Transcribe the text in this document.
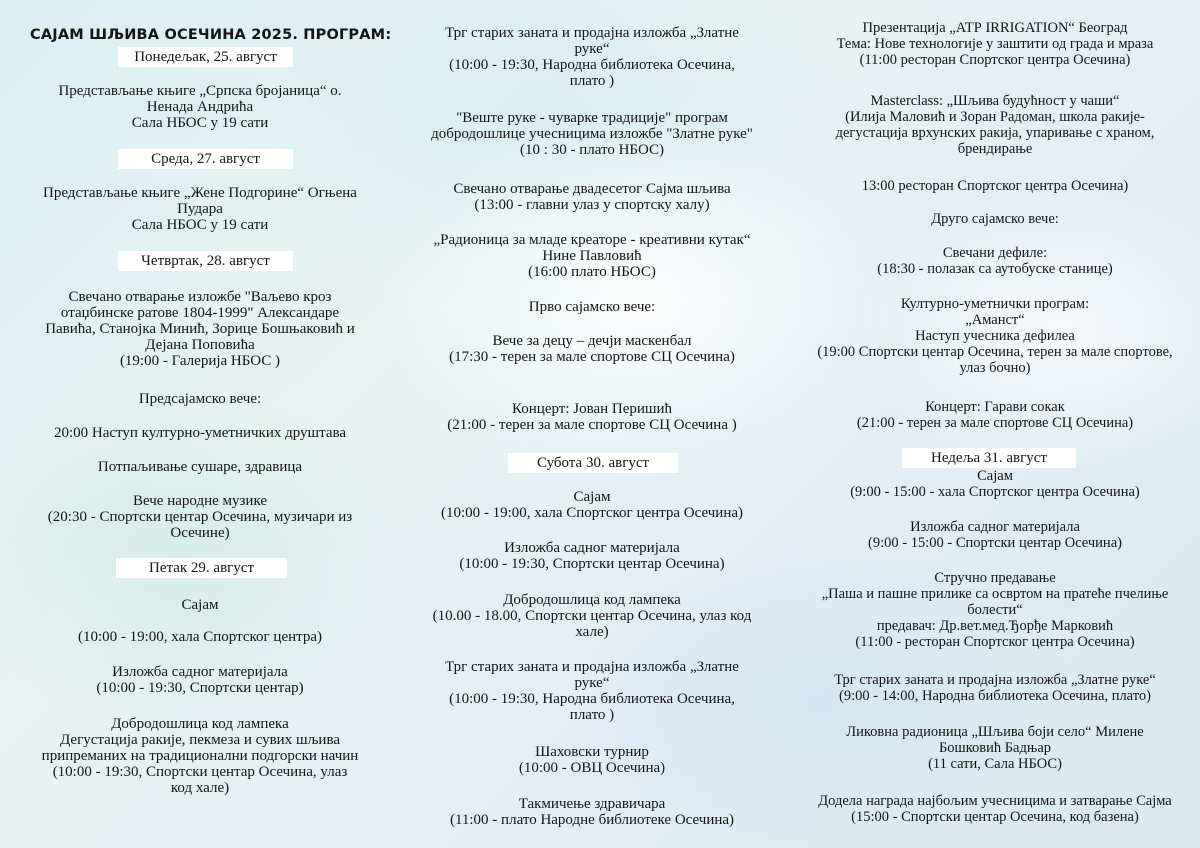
САЈАМ ШЉИВА ОСЕЧИНА 2025. ПРОГРАМ:
Понедељак, 25. август
Представљање књиге „Српска бројаница“ о.
Ненада Андрића
Сала НБОС у 19 сати
Среда, 27. август
Представљање књиге „Жене Подгорине“ Огњена
Пудара
Сала НБОС у 19 сати
Четвртак, 28. август
Свечано отварање изложбе "Ваљево кроз
отаџбинске ратове 1804-1999" Александаре
Павића, Станојка Минић, Зорице Бошњаковић и
Дејана Поповића
(19:00 - Галерија НБОС )
Предсајамско вече:
20:00 Наступ културно-уметничких друштава
Потпаљивање сушаре, здравица
Вече народне музике
(20:30 - Спортски центар Осечина, музичари из
Осечине)
Петак 29. август
Сајам
(10:00 - 19:00, хала Спортског центра)
Изложба садног материјала
(10:00 - 19:30, Спортски центар)
Добродошлица код лампека
Дегустација ракије, пекмеза и сувих шљива
припреманих на традиционални подгорски начин
(10:00 - 19:30, Спортски центар Осечина, улаз
код хале)
Трг старих заната и продајна изложба „Златне
руке“
(10:00 - 19:30, Народна библиотека Осечина,
плато )
"Веште руке - чуварке традиције" програм
добродошлице учесницима изложбе "Златне руке"
(10 : 30 - плато НБОС)
Свечано отварање двадесетог Сајма шљива
(13:00 - главни улаз у спортску халу)
„Радионица за младе креаторе - креативни кутак“
Нине Павловић
(16:00 плато НБОС)
Прво сајамско вече:
Вече за децу – дечји маскенбал
(17:30 - терен за мале спортове СЦ Осечина)
Концерт: Јован Перишић
(21:00 - терен за мале спортове СЦ Осечина )
Субота 30. август
Сајам
(10:00 - 19:00, хала Спортског центра Осечина)
Изложба садног материјала
(10:00 - 19:30, Спортски центар Осечина)
Добродошлица код лампека
(10.00 - 18.00, Спортски центар Осечина, улаз код
хале)
Трг старих заната и продајна изложба „Златне
руке“
(10:00 - 19:30, Народна библиотека Осечина,
плато )
Шаховски турнир
(10:00 - ОВЦ Осечина)
Такмичење здравичара
(11:00 - плато Народне библиотеке Осечина)
Презентација „АТР IRRIGATION“ Београд
Тема: Нове технологије у заштити од града и мраза
(11:00 ресторан Спортског центра Осечина)
Masterclass: „Шљива будућност у чаши“
(Илија Маловић и Зоран Радоман, школа ракије-
дегустација врхунских ракија, упаривање с храном,
брендирање
13:00 ресторан Спортског центра Осечина)
Друго сајамско вече:
Свечани дефиле:
(18:30 - полазак са аутобуске станице)
Културно-уметнички програм:
„Аманст“
Наступ учесника дефилеа
(19:00 Спортски центар Осечина, терен за мале спортове,
улаз бочно)
Концерт: Гарави сокак
(21:00 - терен за мале спортове СЦ Осечина)
Недеља 31. август
Сајам
(9:00 - 15:00 - хала Спортског центра Осечина)
Изложба садног материјала
(9:00 - 15:00 - Спортски центар Осечина)
Стручно предавање
„Паша и пашне прилике са освртом на пратеће пчелиње
болести“
предавач: Др.вет.мед.Ђорђе Марковић
(11:00 - ресторан Спортског центра Осечина)
Трг старих заната и продајна изложба „Златне руке“
(9:00 - 14:00, Народна библиотека Осечина, плато)
Ликовна радионица „Шљива боји село“ Милене
Бошковић Бадњар
(11 сати, Сала НБОС)
Додела награда најбољим учесницима и затварање Сајма
(15:00 - Спортски центар Осечина, код базена)
